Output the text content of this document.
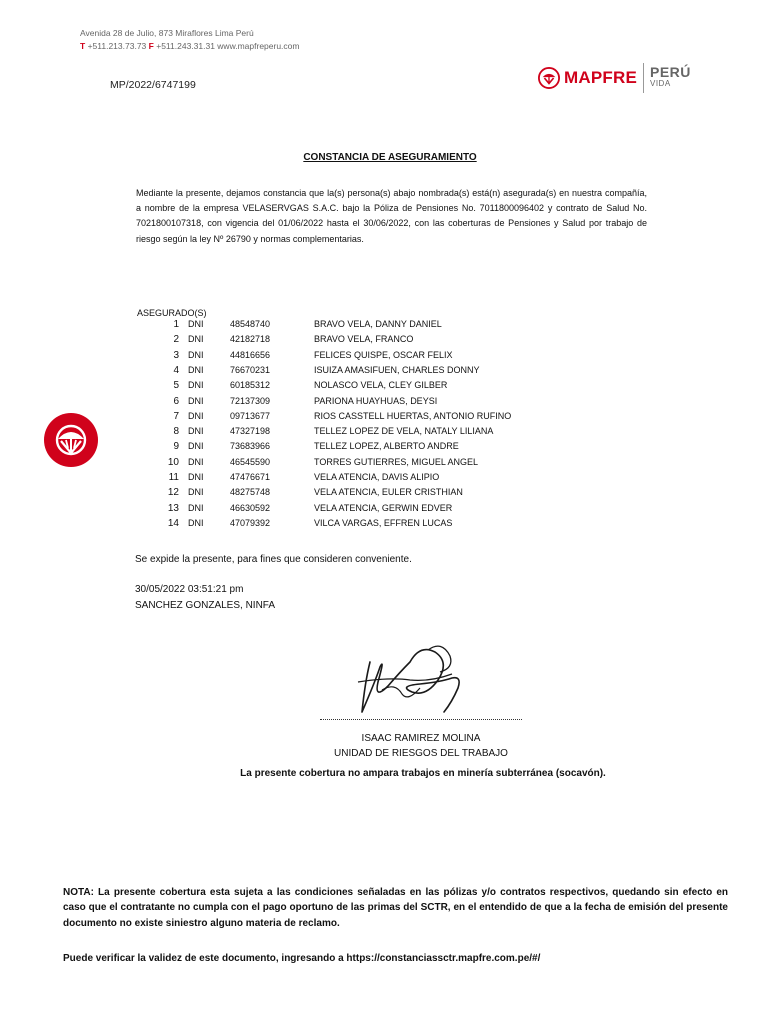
Avenida 28 de Julio, 873 Miraflores Lima Perú
T +511.213.73.73 F +511.243.31.31 www.mapfreperu.com
MP/2022/6747199	MAPFRE PERÚ
VIDA
CONSTANCIA DE ASEGURAMIENTO
Mediante la presente, dejamos constancia que la(s) persona(s) abajo nombrada(s) está(n) asegurada(s) en nuestra compañía, a nombre de la empresa VELASERVGAS S.A.C. bajo la Póliza de Pensiones No. 7011800096402 y contrato de Salud No. 7021800107318, con vigencia del 01/06/2022 hasta el 30/06/2022, con las coberturas de Pensiones y Salud por trabajo de riesgo según la ley Nº 26790 y normas complementarias.
ASEGURADO(S)
1 DNI	48548740	BRAVO VELA, DANNY DANIEL
2 DNI	42182718	BRAVO VELA, FRANCO
3 DNI	44816656	FELICES QUISPE, OSCAR FELIX
4 DNI	76670231	ISUIZA AMASIFUEN, CHARLES DONNY
5 DNI	60185312	NOLASCO VELA, CLEY GILBER
6 DNI	72137309	PARIONA HUAYHUAS, DEYSI
7 DNI	09713677	RIOS CASSTELL HUERTAS, ANTONIO RUFINO
8 DNI	47327198	TELLEZ LOPEZ DE VELA, NATALY LILIANA
9 DNI	73683966	TELLEZ LOPEZ, ALBERTO ANDRE
10 DNI	46545590	TORRES GUTIERRES, MIGUEL ANGEL
11 DNI	47476671	VELA ATENCIA, DAVIS ALIPIO
12 DNI	48275748	VELA ATENCIA, EULER CRISTHIAN
13 DNI	46630592	VELA ATENCIA, GERWIN EDVER
14 DNI	47079392	VILCA VARGAS, EFFREN LUCAS
Se expide la presente, para fines que consideren conveniente.
30/05/2022 03:51:21 pm
SANCHEZ GONZALES, NINFA
ISAAC RAMIREZ MOLINA
UNIDAD DE RIESGOS DEL TRABAJO
La presente cobertura no ampara trabajos en minería subterránea (socavón).
NOTA: La presente cobertura esta sujeta a las condiciones señaladas en las pólizas y/o contratos respectivos, quedando sin efecto en caso que el contratante no cumpla con el pago oportuno de las primas del SCTR, en el entendido de que a la fecha de emisión del presente documento no existe siniestro alguno materia de reclamo.
Puede verificar la validez de este documento, ingresando a https://constanciassctr.mapfre.com.pe/#/
